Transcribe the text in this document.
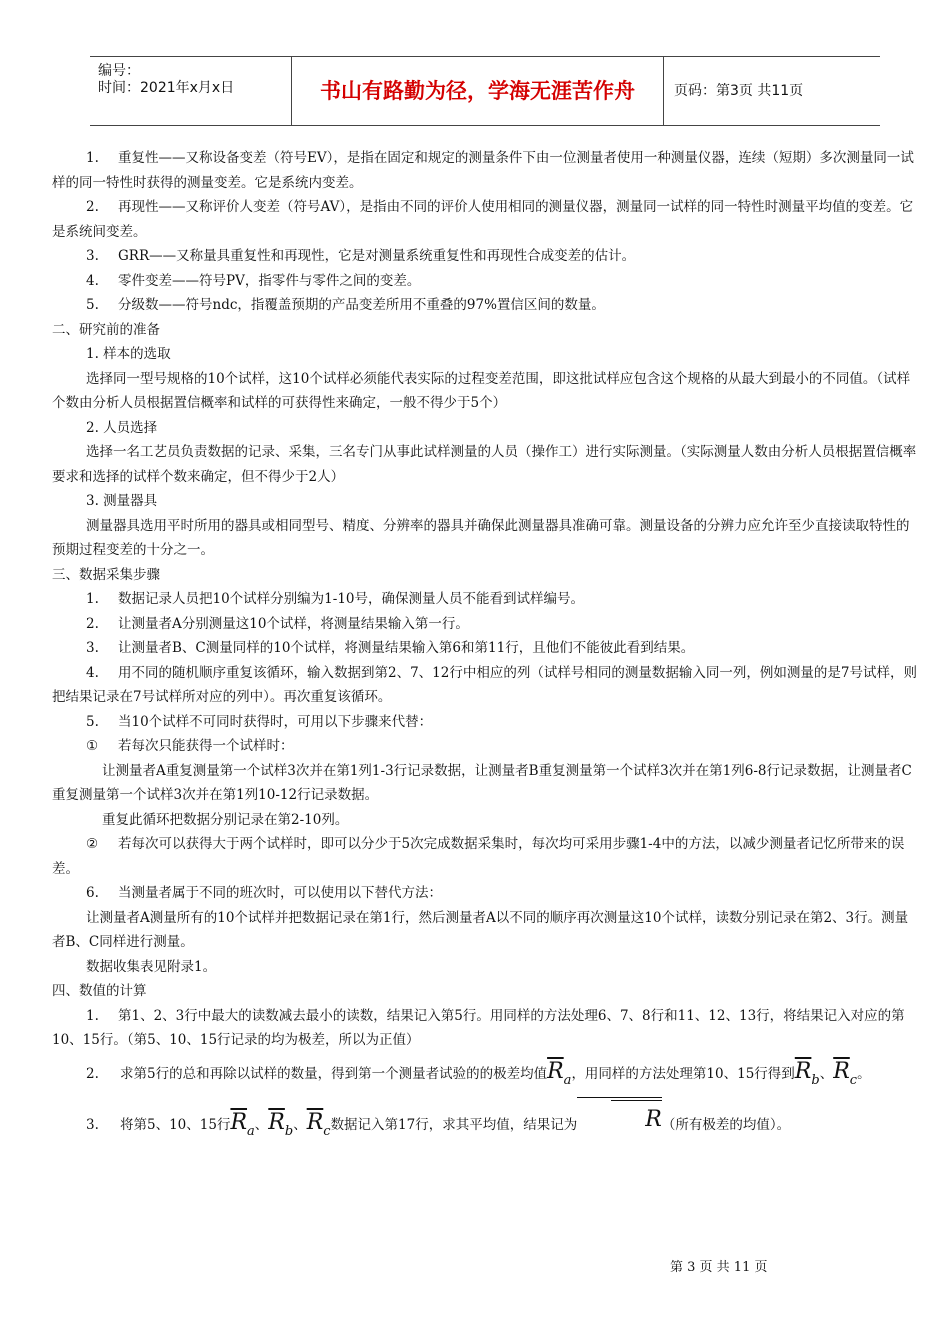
编号：
时间：2021年x月x日	书山有路勤为径，学海无涯苦作舟	页码：第3页 共11页

1. 重复性——又称设备变差（符号EV），是指在固定和规定的测量条件下由一位测量者使用一种测量仪器，连续（短期）多次测量同一试样的同一特性时获得的测量变差。它是系统内变差。

2. 再现性——又称评价人变差（符号AV），是指由不同的评价人使用相同的测量仪器，测量同一试样的同一特性时测量平均值的变差。它是系统间变差。

3. GRR——又称量具重复性和再现性，它是对测量系统重复性和再现性合成变差的估计。

4. 零件变差——符号PV，指零件与零件之间的变差。

5. 分级数——符号ndc，指覆盖预期的产品变差所用不重叠的97%置信区间的数量。

二、研究前的准备

1. 样本的选取

选择同一型号规格的10个试样，这10个试样必须能代表实际的过程变差范围，即这批试样应包含这个规格的从最大到最小的不同值。（试样个数由分析人员根据置信概率和试样的可获得性来确定，一般不得少于5个）

2. 人员选择

选择一名工艺员负责数据的记录、采集，三名专门从事此试样测量的人员（操作工）进行实际测量。（实际测量人数由分析人员根据置信概率要求和选择的试样个数来确定，但不得少于2人）

3. 测量器具

测量器具选用平时所用的器具或相同型号、精度、分辨率的器具并确保此测量器具准确可靠。测量设备的分辨力应允许至少直接读取特性的预期过程变差的十分之一。

三、数据采集步骤

1. 数据记录人员把10个试样分别编为1-10号，确保测量人员不能看到试样编号。

2. 让测量者A分别测量这10个试样，将测量结果输入第一行。

3. 让测量者B、C测量同样的10个试样，将测量结果输入第6和第11行，且他们不能彼此看到结果。

4. 用不同的随机顺序重复该循环，输入数据到第2、7、12行中相应的列（试样号相同的测量数据输入同一列，例如测量的是7号试样，则把结果记录在7号试样所对应的列中）。再次重复该循环。

5. 当10个试样不可同时获得时，可用以下步骤来代替：

① 若每次只能获得一个试样时：

让测量者A重复测量第一个试样3次并在第1列1-3行记录数据，让测量者B重复测量第一个试样3次并在第1列6-8行记录数据，让测量者C重复测量第一个试样3次并在第1列10-12行记录数据。

重复此循环把数据分别记录在第2-10列。

② 若每次可以获得大于两个试样时，即可以分少于5次完成数据采集时，每次均可采用步骤1-4中的方法，以减少测量者记忆所带来的误差。

6. 当测量者属于不同的班次时，可以使用以下替代方法：

让测量者A测量所有的10个试样并把数据记录在第1行，然后测量者A以不同的顺序再次测量这10个试样，读数分别记录在第2、3行。测量者B、C同样进行测量。

数据收集表见附录1。

四、数值的计算

1. 第1、2、3行中最大的读数减去最小的读数，结果记入第5行。用同样的方法处理6、7、8行和11、12、13行，将结果记入对应的第10、15行。（第5、10、15行记录的均为极差，所以为正值）

2. 求第5行的总和再除以试样的数量，得到第一个测量者试验的的极差均值$\overline{R}a$，用同样的方法处理第10、15行得到$\overline{R}b$、$\overline{R}c$。

3. 将第5、10、15行$\overline{R}a$、$\overline{R}b$、$\overline{R}c$数据记入第17行，求其平均值，结果记为	R（所有极差的均值）。

第 3 页 共 11 页
